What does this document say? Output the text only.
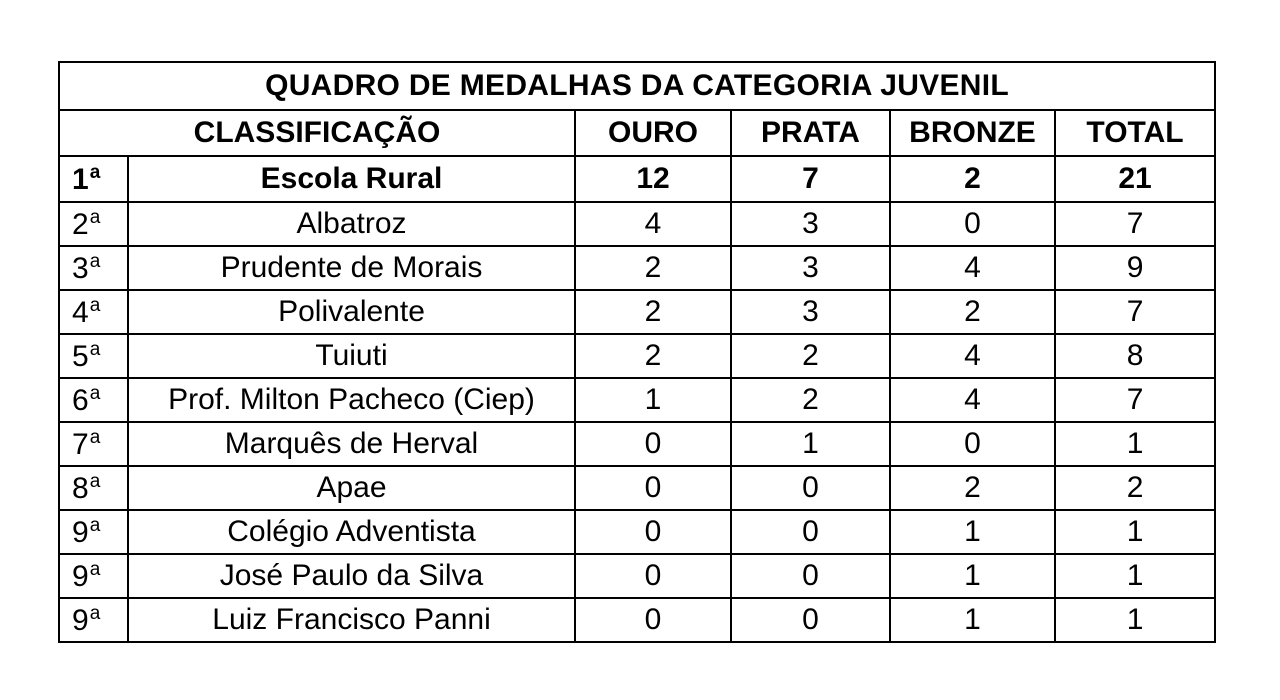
QUADRO DE MEDALHAS DA CATEGORIA JUVENIL					
CLASSIFICAÇÃO		OURO	PRATA	BRONZE	TOTAL
1$^a$	Escola Rural	12	7	2	21
2$^a$	Albatroz	4	3	0	7
3$^a$	Prudente de Morais	2	3	4	9
4$^a$	Polivalente	2	3	2	7
5$^a$	Tuiuti	2	2	4	8
6$^a$	Prof. Milton Pacheco (Ciep)	1	2	4	7
7$^a$	Marquês de Herval	0	1	0	1
8$^a$	Apae	0	0	2	2
9$^a$	Colégio Adventista	0	0	1	1
9$^a$	José Paulo da Silva	0	0	1	1
9$^a$	Luiz Francisco Panni	0	0	1	1
